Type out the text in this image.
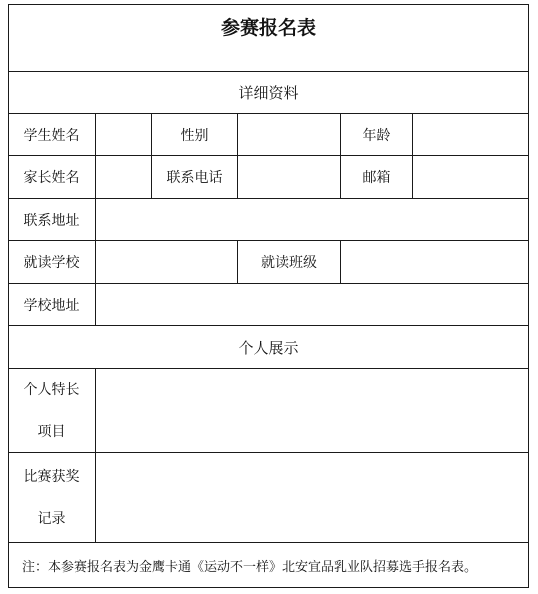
参赛报名表
详细资料
学生姓名	性别	年龄
家长姓名	联系电话	邮箱
联系地址
就读学校	就读班级
学校地址
个人展示
个人特长
项目
比赛获奖
记录
注：本参赛报名表为金鹰卡通《运动不一样》北安宜品乳业队招募选手报名表。
